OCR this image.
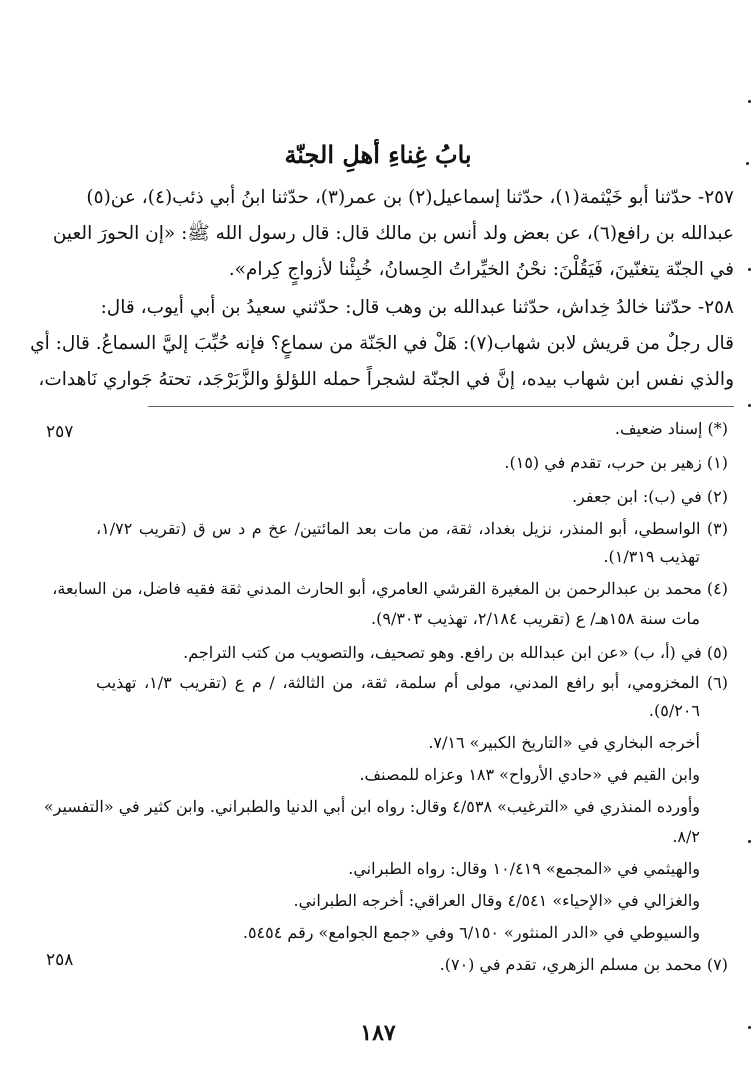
بابُ غِناءِ أهلِ الجنّة
٢٥٧- حدّثنا أبو خَيْثمة(١)، حدّثنا إسماعيل(٢) بن عمر(٣)، حدّثنا ابنُ أبي ذئب(٤)، عن(٥)
عبدالله بن رافع(٦)، عن بعض ولد أنس بن مالك قال: قال رسول الله ﷺ: «إن الحورَ العين
في الجنّة يتغنّينَ، فَيَقُلْنَ: نحْنُ الخيِّراتُ الحِسانُ، خُبِئْنا لأزواجٍ كِرام».
٢٥٨- حدّثنا خالدُ خِداش، حدّثنا عبدالله بن وهب قال: حدّثني سعيدُ بن أبي أيوب، قال:
قال رجلٌ من قريش لابن شهاب(٧): هَلْ في الجَنّة من سماعٍ؟ فإنه حُبِّبَ إليَّ السماعُ. قال: أي
والذي نفس ابن شهاب بيده، إنَّ في الجنّة لشجراً حمله اللؤلؤ والزَّبَرْجَد، تحتهُ جَواري نَاهدات،
٢٥٧
٢٥٨
(*) إسناد ضعيف.
(١) زهير بن حرب، تقدم في (١٥).
(٢) في (ب): ابن جعفر.
(٣) الواسطي، أبو المنذر، نزيل بغداد، ثقة، من مات بعد المائتين/ عخ م د س ق (تقريب ١/٧٢،
تهذيب ١/٣١٩).
(٤) محمد بن عبدالرحمن بن المغيرة القرشي العامري، أبو الحارث المدني ثقة فقيه فاضل، من السابعة،
مات سنة ١٥٨هـ/ ع (تقريب ٢/١٨٤، تهذيب ٩/٣٠٣).
(٥) في (أ، ب) «عن ابن عبدالله بن رافع. وهو تصحيف، والتصويب من كتب التراجم.
(٦) المخزومي، أبو رافع المدني، مولى أم سلمة، ثقة، من الثالثة، / م ع (تقريب ١/٣، تهذيب
٥/٢٠٦).
أخرجه البخاري في «التاريخ الكبير» ٧/١٦.
وابن القيم في «حادي الأرواح» ١٨٣ وعزاه للمصنف.
وأورده المنذري في «الترغيب» ٤/٥٣٨ وقال: رواه ابن أبي الدنيا والطبراني. وابن كثير في «التفسير»
٨/٢.
والهيثمي في «المجمع» ١٠/٤١٩ وقال: رواه الطبراني.
والغزالي في «الإحياء» ٤/٥٤١ وقال العراقي: أخرجه الطبراني.
والسيوطي في «الدر المنثور» ٦/١٥٠ وفي «جمع الجوامع» رقم ٥٤٥٤.
(٧) محمد بن مسلم الزهري، تقدم في (٧٠).
١٨٧
